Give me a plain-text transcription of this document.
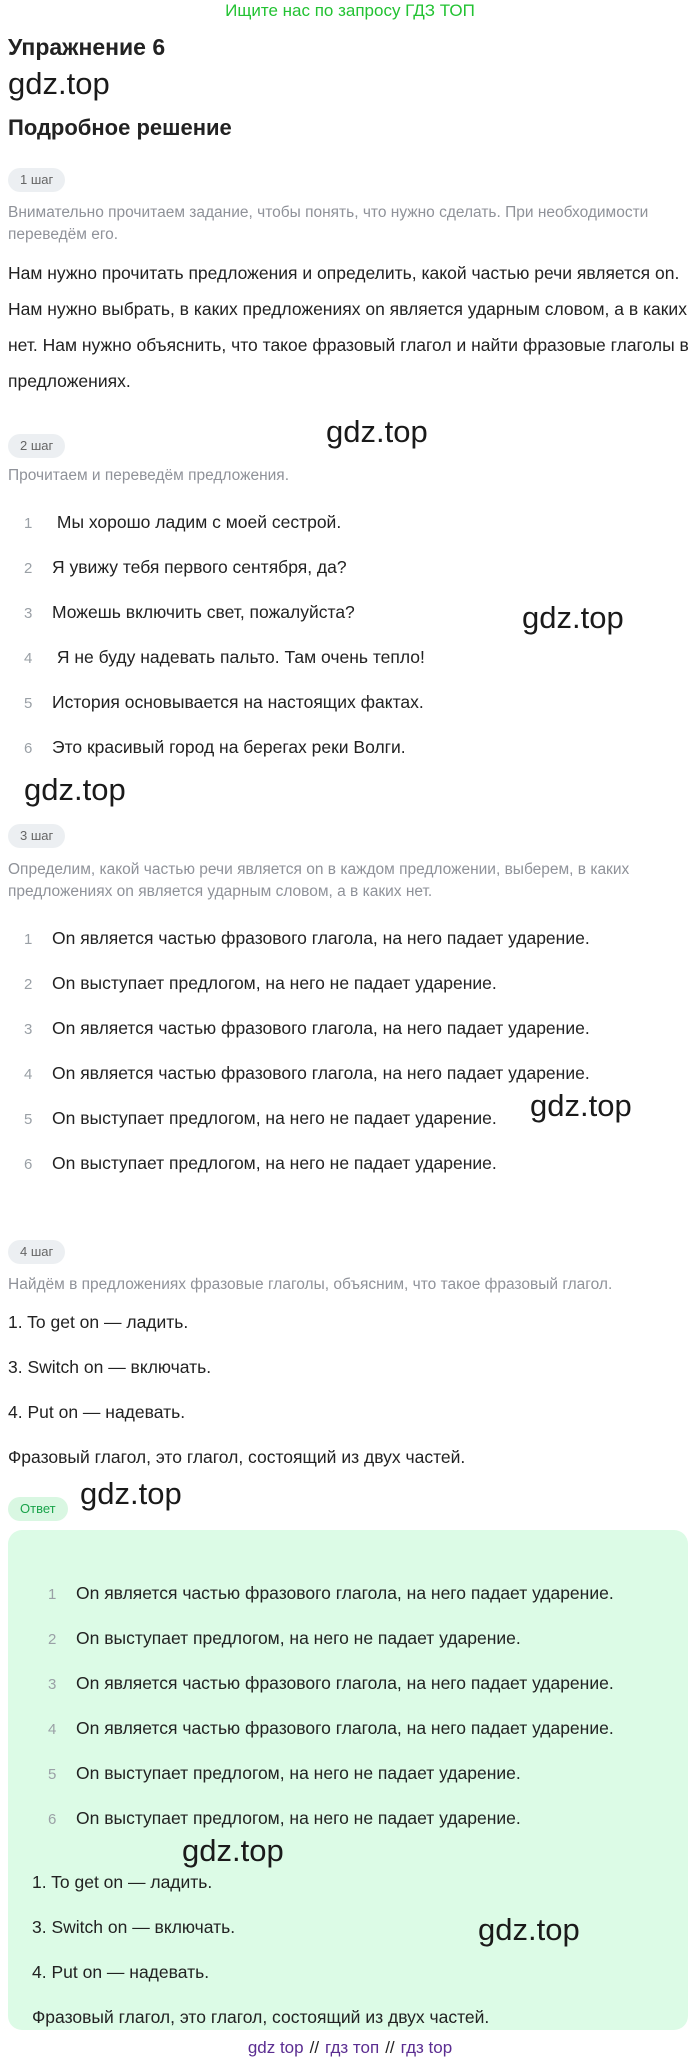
Ищите нас по запросу ГДЗ ТОП
Упражнение 6
gdz.top
Подробное решение
1 шаг
Внимательно прочитаем задание, чтобы понять, что нужно сделать. При необходимости переведём его.
Нам нужно прочитать предложения и определить, какой частью речи является on. Нам нужно выбрать, в каких предложениях on является ударным словом, а в каких нет. Нам нужно объяснить, что такое фразовый глагол и найти фразовые глаголы в предложениях.
2 шаг	gdz.top
Прочитаем и переведём предложения.
1 Мы хорошо ладим с моей сестрой.
2 Я увижу тебя первого сентября, да?
3 Можешь включить свет, пожалуйста?	gdz.top
4 Я не буду надевать пальто. Там очень тепло!
5 История основывается на настоящих фактах.
6 Это красивый город на берегах реки Волги.
gdz.top
3 шаг
Определим, какой частью речи является on в каждом предложении, выберем, в каких предложениях on является ударным словом, а в каких нет.
1 On является частью фразового глагола, на него падает ударение.
2 On выступает предлогом, на него не падает ударение.
3 On является частью фразового глагола, на него падает ударение.
4 On является частью фразового глагола, на него падает ударение.
gdz.top
5 On выступает предлогом, на него не падает ударение.
6 On выступает предлогом, на него не падает ударение.
4 шаг
Найдём в предложениях фразовые глаголы, объясним, что такое фразовый глагол.
1. To get on — ладить.
3. Switch on — включать.
4. Put on — надевать.
Фразовый глагол, это глагол, состоящий из двух частей.
Ответ gdz.top
1 On является частью фразового глагола, на него падает ударение.
2 On выступает предлогом, на него не падает ударение.
3 On является частью фразового глагола, на него падает ударение.
4 On является частью фразового глагола, на него падает ударение.
5 On выступает предлогом, на него не падает ударение.
6 On выступает предлогом, на него не падает ударение.
gdz.top
1. To get on — ладить.
3. Switch on — включать.	gdz.top
4. Put on — надевать.
Фразовый глагол, это глагол, состоящий из двух частей.
gdz top // гдз топ // гдз top
